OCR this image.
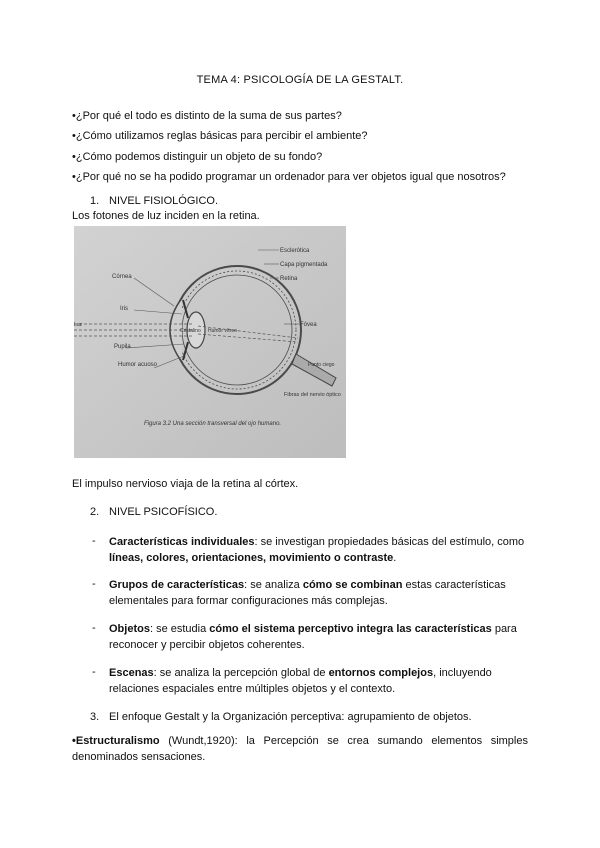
TEMA 4: PSICOLOGÍA DE LA GESTALT.
•¿Por qué el todo es distinto de la suma de sus partes?
•¿Cómo utilizamos reglas básicas para percibir el ambiente?
•¿Cómo podemos distinguir un objeto de su fondo?
•¿Por qué no se ha podido programar un ordenador para ver objetos igual que nosotros?
1. NIVEL FISIOLÓGICO.
Los fotones de luz inciden en la retina.
Esclerótica
Capa pigmentada
Retina
Córnea
Iris
Luz
Cristalino Humor vítreo
Fóvea
Pupila
Humor acuoso	Punto ciego
Fibras del nervio óptico
Figura 3.2 Una sección transversal del ojo humano.
El impulso nervioso viaja de la retina al córtex.
2. NIVEL PSICOFÍSICO.
- Características individuales: se investigan propiedades básicas del estímulo, como líneas, colores, orientaciones, movimiento o contraste.
- Grupos de características: se analiza cómo se combinan estas características elementales para formar configuraciones más complejas.
- Objetos: se estudia cómo el sistema perceptivo integra las características para reconocer y percibir objetos coherentes.
- Escenas: se analiza la percepción global de entornos complejos, incluyendo relaciones espaciales entre múltiples objetos y el contexto.
3. El enfoque Gestalt y la Organización perceptiva: agrupamiento de objetos.
•Estructuralismo (Wundt,1920): la Percepción se crea sumando elementos simples denominados sensaciones.
